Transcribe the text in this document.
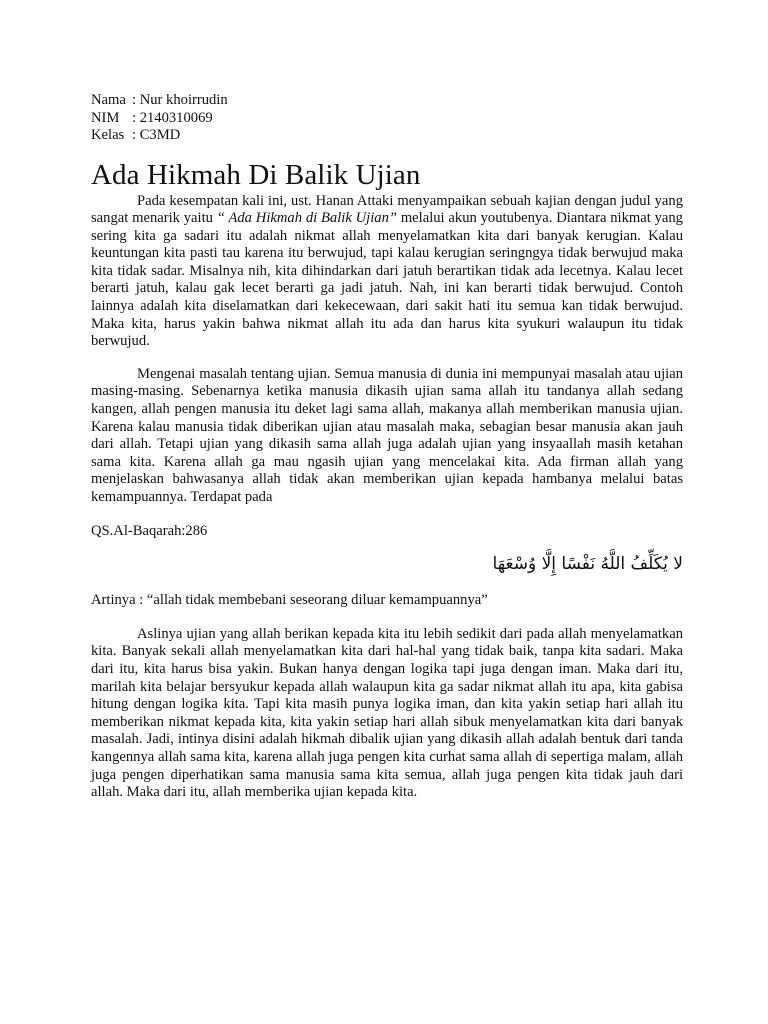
Nama : Nur khoirrudin
NIM : 2140310069
Kelas : C3MD
Ada Hikmah Di Balik Ujian

Pada kesempatan kali ini, ust. Hanan Attaki menyampaikan sebuah kajian dengan judul yang sangat menarik yaitu “ Ada Hikmah di Balik Ujian” melalui akun youtubenya. Diantara nikmat yang sering kita ga sadari itu adalah nikmat allah menyelamatkan kita dari banyak kerugian. Kalau keuntungan kita pasti tau karena itu berwujud, tapi kalau kerugian seringngya tidak berwujud maka kita tidak sadar. Misalnya nih, kita dihindarkan dari jatuh berartikan tidak ada lecetnya. Kalau lecet berarti jatuh, kalau gak lecet berarti ga jadi jatuh. Nah, ini kan berarti tidak berwujud. Contoh lainnya adalah kita diselamatkan dari kekecewaan, dari sakit hati itu semua kan tidak berwujud. Maka kita, harus yakin bahwa nikmat allah itu ada dan harus kita syukuri walaupun itu tidak berwujud.

Mengenai masalah tentang ujian. Semua manusia di dunia ini mempunyai masalah atau ujian masing-masing. Sebenarnya ketika manusia dikasih ujian sama allah itu tandanya allah sedang kangen, allah pengen manusia itu deket lagi sama allah, makanya allah memberikan manusia ujian. Karena kalau manusia tidak diberikan ujian atau masalah maka, sebagian besar manusia akan jauh dari allah. Tetapi ujian yang dikasih sama allah juga adalah ujian yang insyaallah masih ketahan sama kita. Karena allah ga mau ngasih ujian yang mencelakai kita. Ada firman allah yang menjelaskan bahwasanya allah tidak akan memberikan ujian kepada hambanya melalui batas kemampuannya. Terdapat pada

QS.Al-Baqarah:286
لا يُكَلِّفُ اللَّهُ نَفْسًا إِلَّا وُسْعَهَا
Artinya : “allah tidak membebani seseorang diluar kemampuannya”

Aslinya ujian yang allah berikan kepada kita itu lebih sedikit dari pada allah menyelamatkan kita. Banyak sekali allah menyelamatkan kita dari hal-hal yang tidak baik, tanpa kita sadari. Maka dari itu, kita harus bisa yakin. Bukan hanya dengan logika tapi juga dengan iman. Maka dari itu, marilah kita belajar bersyukur kepada allah walaupun kita ga sadar nikmat allah itu apa, kita gabisa hitung dengan logika kita. Tapi kita masih punya logika iman, dan kita yakin setiap hari allah itu memberikan nikmat kepada kita, kita yakin setiap hari allah sibuk menyelamatkan kita dari banyak masalah. Jadi, intinya disini adalah hikmah dibalik ujian yang dikasih allah adalah bentuk dari tanda kangennya allah sama kita, karena allah juga pengen kita curhat sama allah di sepertiga malam, allah juga pengen diperhatikan sama manusia sama kita semua, allah juga pengen kita tidak jauh dari allah. Maka dari itu, allah memberika ujian kepada kita.
